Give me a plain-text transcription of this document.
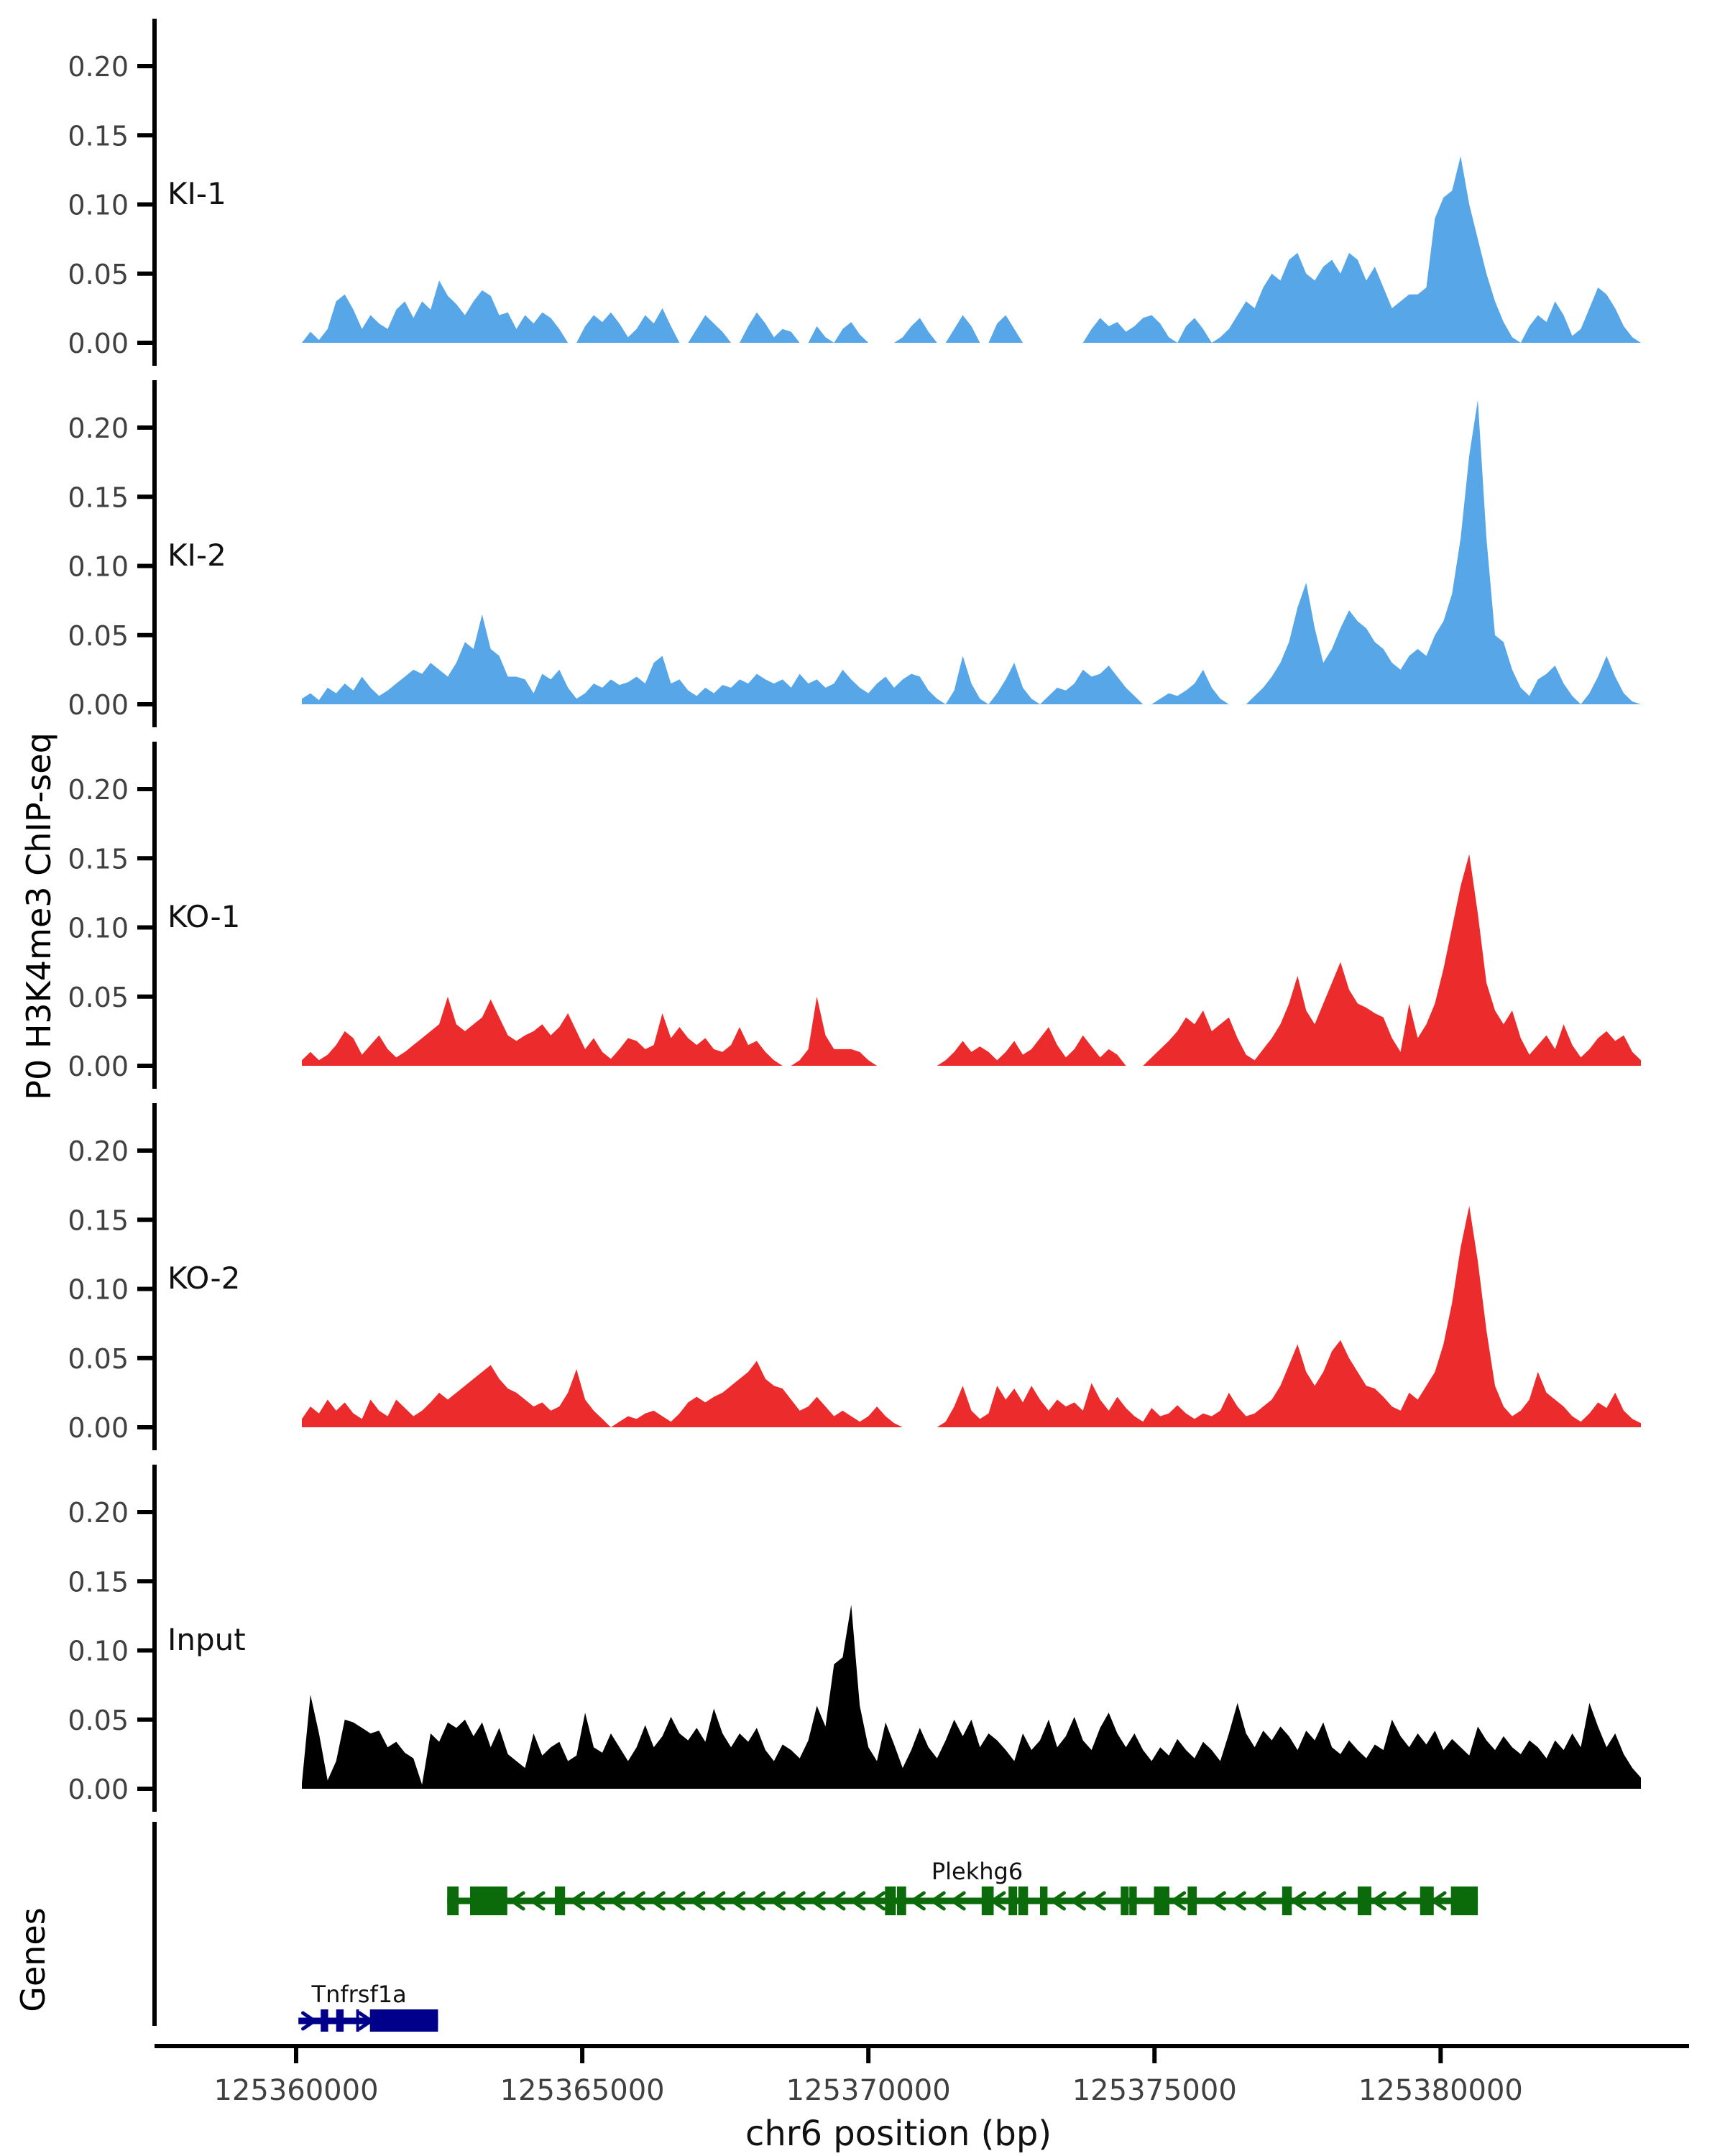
P0 H3K4me3 ChIP-seq
Genes
0.00
0.05
0.10
0.15
0.20
KI-1
0.00
0.05
0.10
0.15
0.20
KI-2
0.00
0.05
0.10
0.15
0.20
KO-1
0.00
0.05
0.10
0.15
0.20
KO-2
0.00
0.05
0.10
0.15
0.20
Input
Plekhg6
Tnfrsf1a
125360000	125365000	125370000	125375000	125380000
chr6 position (bp)
